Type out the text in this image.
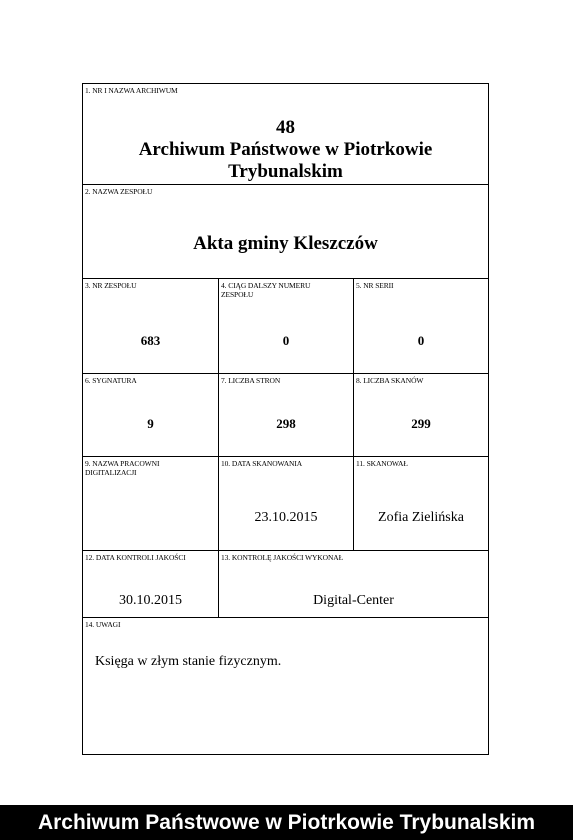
1. NR I NAZWA ARCHIWUM
48
Archiwum Państwowe w Piotrkowie
Trybunalskim
2. NAZWA ZESPOŁU
Akta gminy Kleszczów
3. NR ZESPOŁU
683
4. CIĄG DALSZY NUMERU ZESPOŁU
0
5. NR SERII
0
6. SYGNATURA
9
7. LICZBA STRON
298
8. LICZBA SKANÓW
299
9. NAZWA PRACOWNI DIGITALIZACJI
10. DATA SKANOWANIA
23.10.2015
11. SKANOWAŁ
Zofia Zielińska
12. DATA KONTROLI JAKOŚCI
30.10.2015
13. KONTROLĘ JAKOŚCI WYKONAŁ
Digital-Center
14. UWAGI
Księga w złym stanie fizycznym.
Archiwum Państwowe w Piotrkowie Trybunalskim
